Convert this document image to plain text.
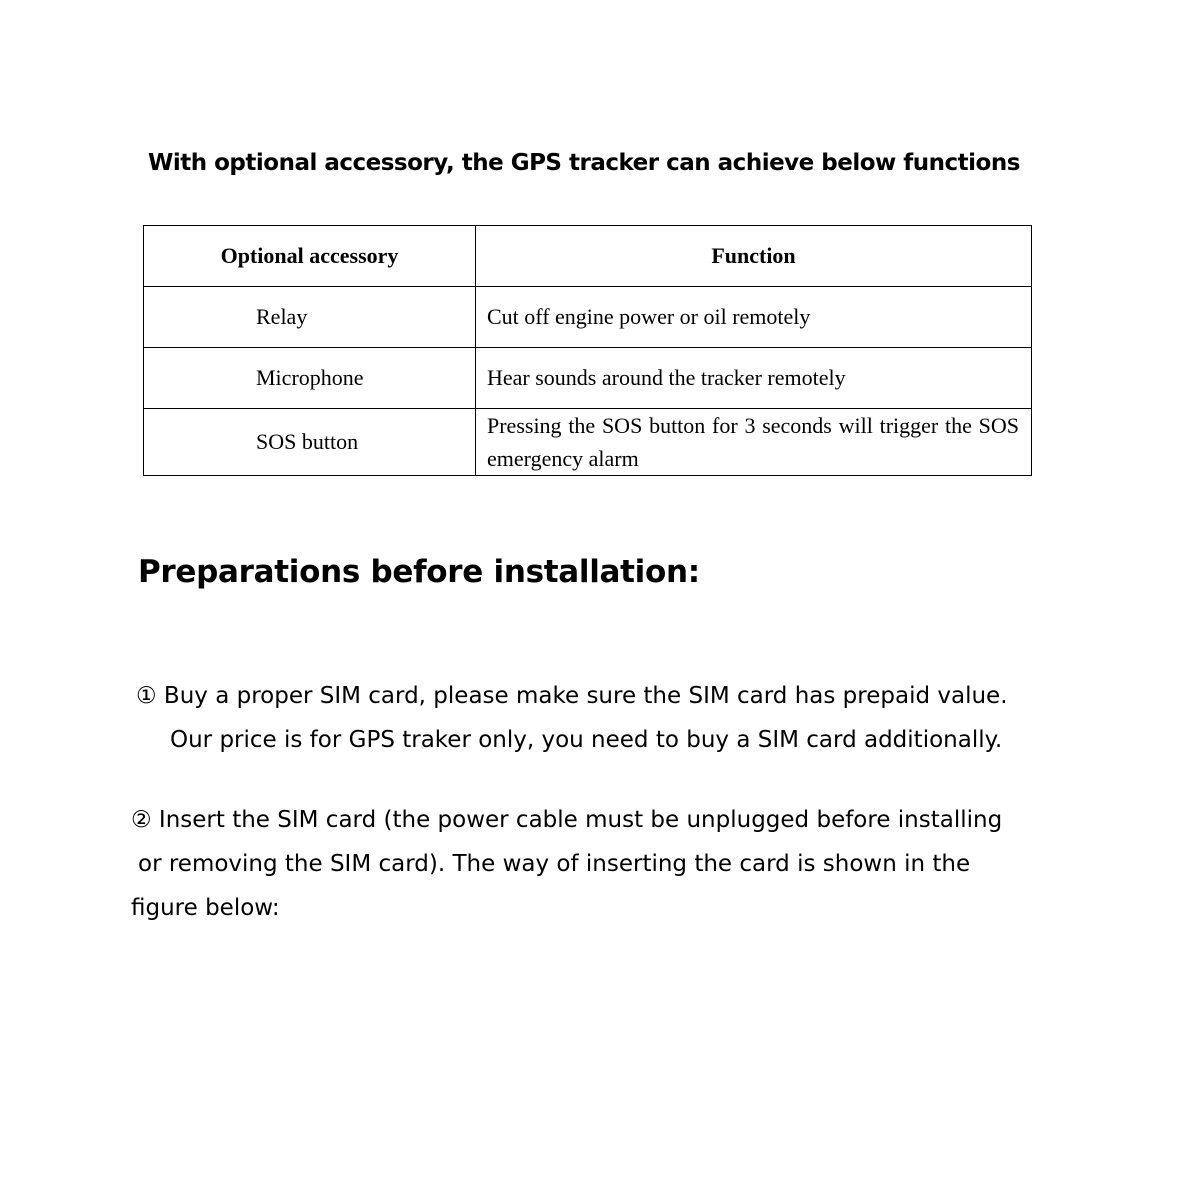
With optional accessory, the GPS tracker can achieve below functions
Optional accessory	Function
Relay	Cut off engine power or oil remotely
Microphone	Hear sounds around the tracker remotely
SOS button	Pressing the SOS button for 3 seconds will trigger the SOS emergency alarm
Preparations before installation:

① Buy a proper SIM card, please make sure the SIM card has prepaid value.
Our price is for GPS traker only, you need to buy a SIM card additionally.

② Insert the SIM card (the power cable must be unplugged before installing
or removing the SIM card). The way of inserting the card is shown in the
figure below:
